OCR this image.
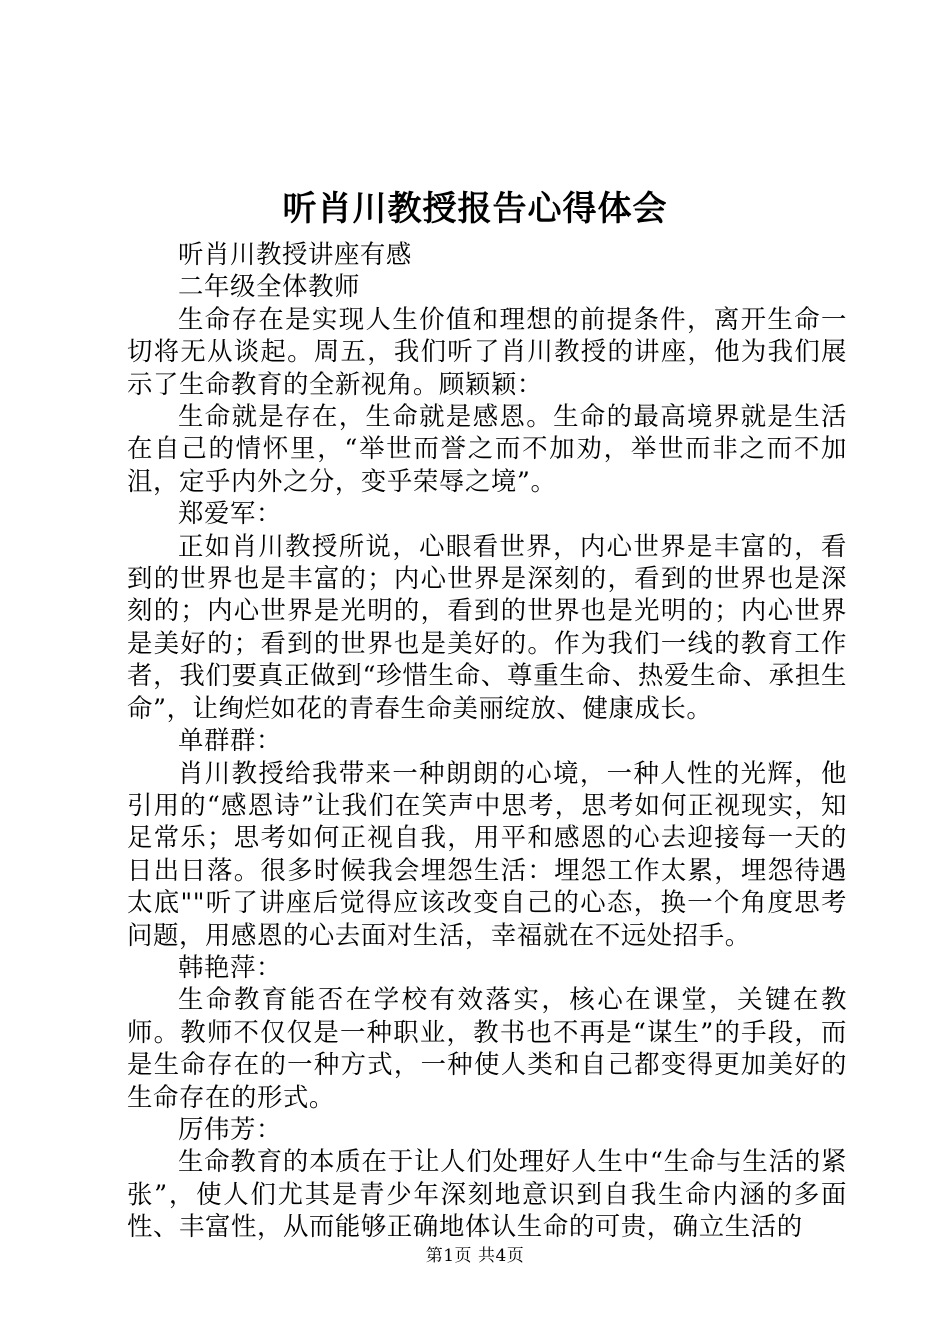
听肖川教授报告心得体会

听肖川教授讲座有感

二年级全体教师

生命存在是实现人生价值和理想的前提条件，离开生命一切将无从谈起。周五，我们听了肖川教授的讲座，他为我们展示了生命教育的全新视角。顾颖颖：

生命就是存在，生命就是感恩。生命的最高境界就是生活在自己的情怀里，“举世而誉之而不加劝，举世而非之而不加沮，定乎内外之分，变乎荣辱之境”。

郑爱军：

正如肖川教授所说，心眼看世界，内心世界是丰富的，看到的世界也是丰富的；内心世界是深刻的，看到的世界也是深刻的；内心世界是光明的，看到的世界也是光明的；内心世界是美好的；看到的世界也是美好的。作为我们一线的教育工作者，我们要真正做到“珍惜生命、尊重生命、热爱生命、承担生命”，让绚烂如花的青春生命美丽绽放、健康成长。

单群群：

肖川教授给我带来一种朗朗的心境，一种人性的光辉，他引用的“感恩诗”让我们在笑声中思考，思考如何正视现实，知足常乐；思考如何正视自我，用平和感恩的心去迎接每一天的日出日落。很多时候我会埋怨生活：埋怨工作太累，埋怨待遇太底""听了讲座后觉得应该改变自己的心态，换一个角度思考问题，用感恩的心去面对生活，幸福就在不远处招手。

韩艳萍：

生命教育能否在学校有效落实，核心在课堂，关键在教师。教师不仅仅是一种职业，教书也不再是“谋生”的手段，而是生命存在的一种方式，一种使人类和自己都变得更加美好的生命存在的形式。

厉伟芳：

生命教育的本质在于让人们处理好人生中“生命与生活的紧张”，使人们尤其是青少年深刻地意识到自我生命内涵的多面性、丰富性，从而能够正确地体认生命的可贵，确立生活的

第1页 共4页
